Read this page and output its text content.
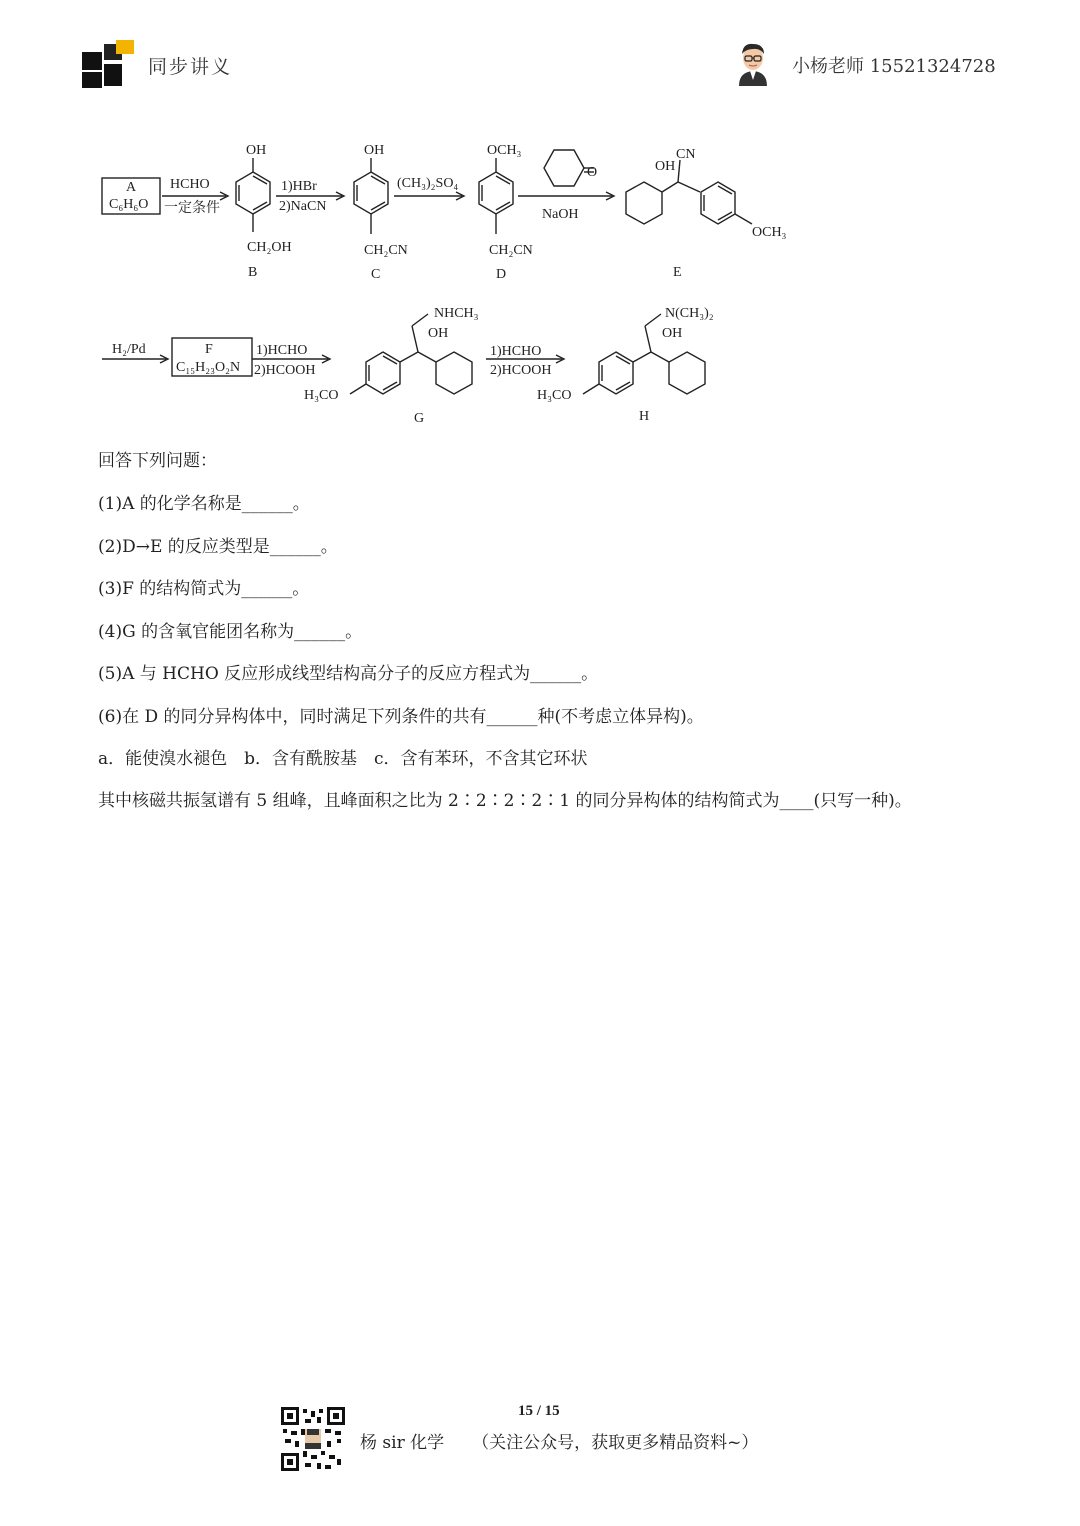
同步讲义	小杨老师 15521324728
A
C₆H₆O
HCHO
一定条件
OH
CH₂OH
B
1)HBr
2)NaCN
OH
CH₂CN
C
(CH₃)₂SO₄
OCH₃
CH₂CN
D
O
NaOH
OH
CN
OCH₃
E
H₂/Pd	F
C₁₅H₂₃O₂N
1)HCHO
2)HCOOH
NHCH₃
OH
H₃CO
G
1)HCHO
2)HCOOH
N(CH₃)₂
OH
H₃CO
H
回答下列问题：
(1)A 的化学名称是______。
(2)D→E 的反应类型是______。
(3)F 的结构简式为______。
(4)G 的含氧官能团名称为______。
(5)A 与 HCHO 反应形成线型结构高分子的反应方程式为______。
(6)在 D 的同分异构体中，同时满足下列条件的共有______种(不考虑立体异构)。
a．能使溴水褪色　b．含有酰胺基　c．含有苯环，不含其它环状
其中核磁共振氢谱有 5 组峰，且峰面积之比为 2∶2∶2∶2∶1 的同分异构体的结构简式为____(只写一种)。
15 / 15
杨 sir 化学 （关注公众号，获取更多精品资料~）
